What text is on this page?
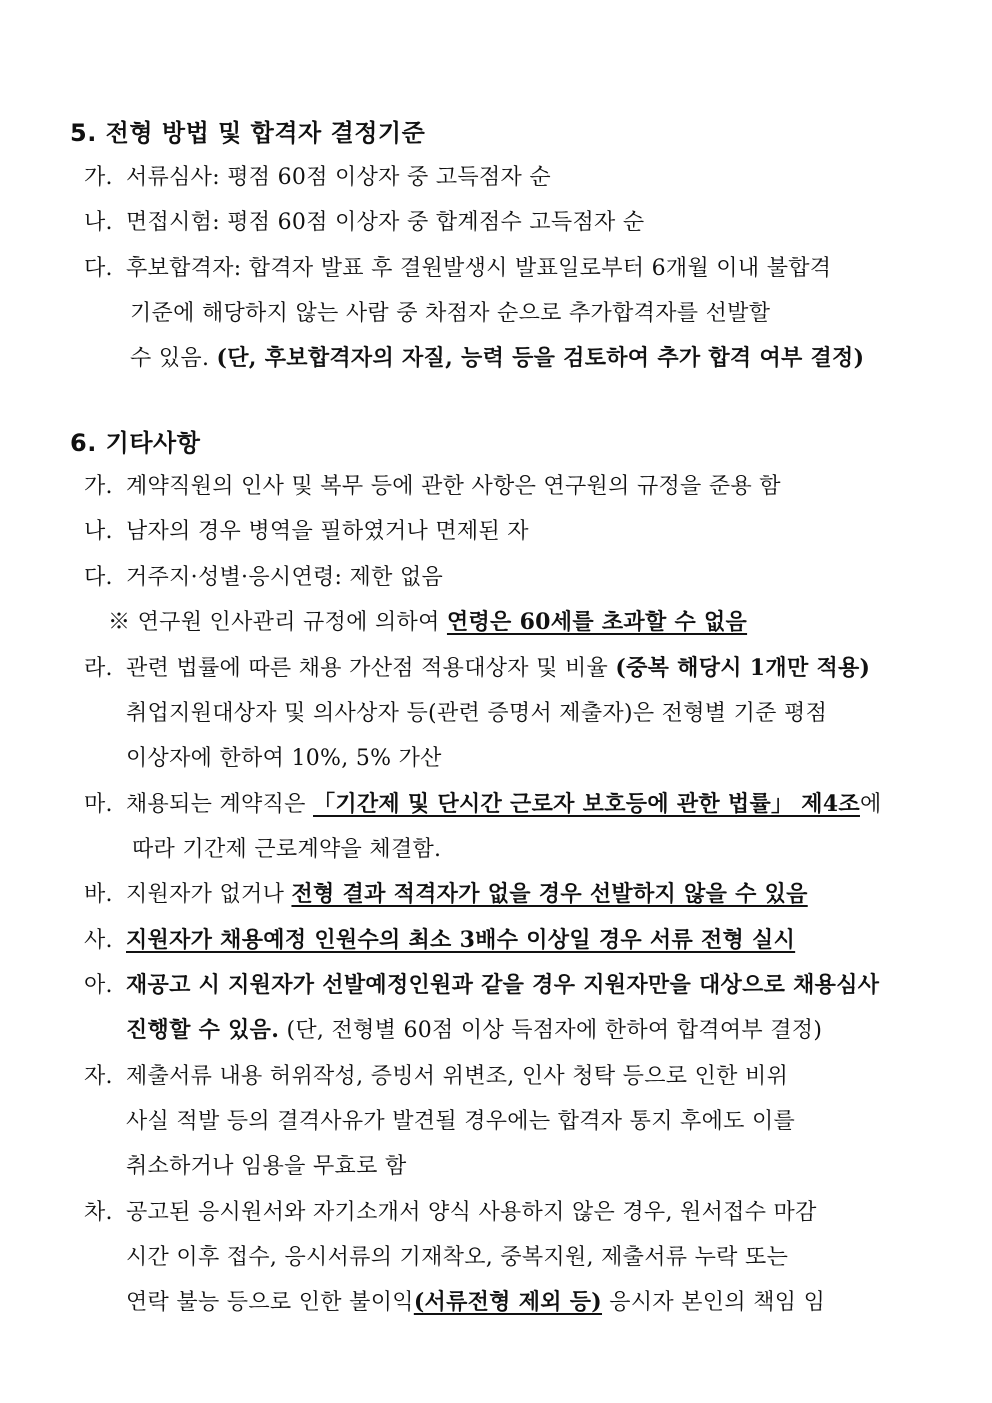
5. 전형 방법 및 합격자 결정기준
가. 서류심사: 평점 60점 이상자 중 고득점자 순
나. 면접시험: 평점 60점 이상자 중 합계점수 고득점자 순
다. 후보합격자: 합격자 발표 후 결원발생시 발표일로부터 6개월 이내 불합격
기준에 해당하지 않는 사람 중 차점자 순으로 추가합격자를 선발할
수 있음. (단, 후보합격자의 자질, 능력 등을 검토하여 추가 합격 여부 결정)
6. 기타사항
가. 계약직원의 인사 및 복무 등에 관한 사항은 연구원의 규정을 준용 함
나. 남자의 경우 병역을 필하였거나 면제된 자
다. 거주지·성별·응시연령: 제한 없음
※ 연구원 인사관리 규정에 의하여 연령은 60세를 초과할 수 없음
라. 관련 법률에 따른 채용 가산점 적용대상자 및 비율 (중복 해당시 1개만 적용)
취업지원대상자 및 의사상자 등(관련 증명서 제출자)은 전형별 기준 평점
이상자에 한하여 10%, 5% 가산
마. 채용되는 계약직은 「기간제 및 단시간 근로자 보호등에 관한 법률」 제4조에
따라 기간제 근로계약을 체결함.
바. 지원자가 없거나 전형 결과 적격자가 없을 경우 선발하지 않을 수 있음
사. 지원자가 채용예정 인원수의 최소 3배수 이상일 경우 서류 전형 실시
아. 재공고 시 지원자가 선발예정인원과 같을 경우 지원자만을 대상으로 채용심사
진행할 수 있음. (단, 전형별 60점 이상 득점자에 한하여 합격여부 결정)
자. 제출서류 내용 허위작성, 증빙서 위변조, 인사 청탁 등으로 인한 비위
사실 적발 등의 결격사유가 발견될 경우에는 합격자 통지 후에도 이를
취소하거나 임용을 무효로 함
차. 공고된 응시원서와 자기소개서 양식 사용하지 않은 경우, 원서접수 마감
시간 이후 접수, 응시서류의 기재착오, 중복지원, 제출서류 누락 또는
연락 불능 등으로 인한 불이익(서류전형 제외 등) 응시자 본인의 책임 임
